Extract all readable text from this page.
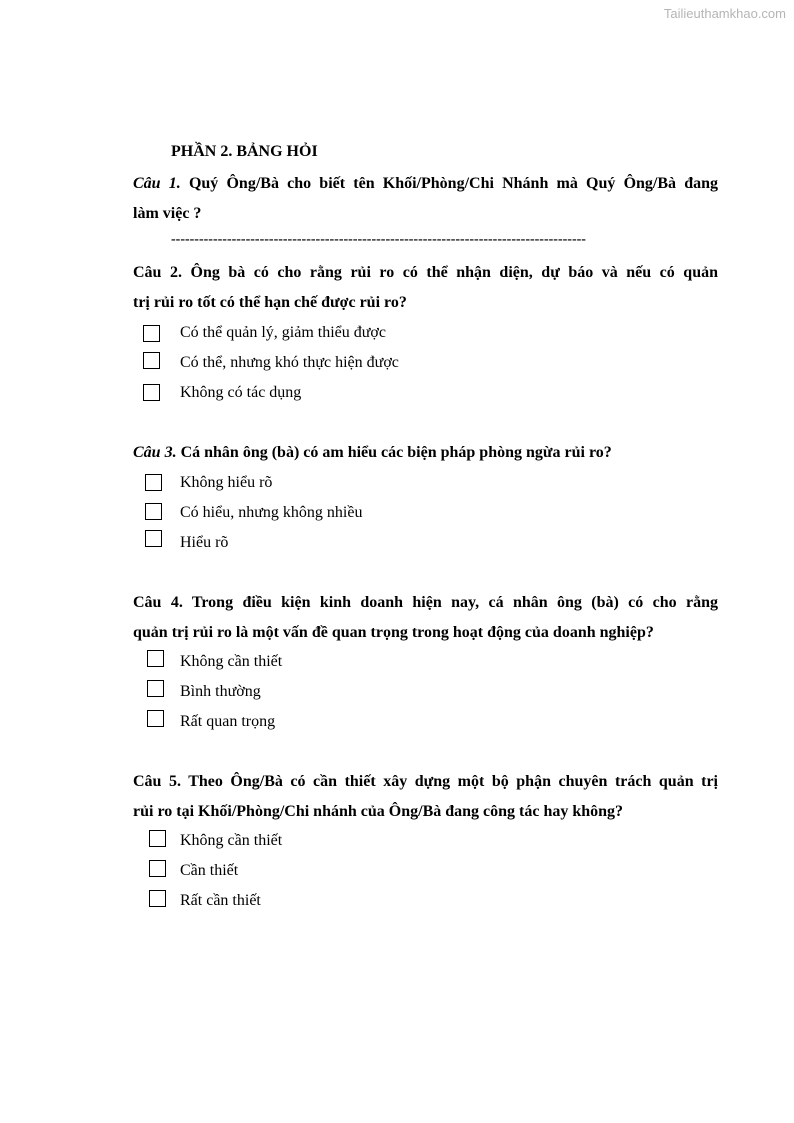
Tailieuthamkhao.com
PHẦN 2. BẢNG HỎI
Câu 1. Quý Ông/Bà cho biết tên Khối/Phòng/Chi Nhánh mà Quý Ông/Bà đang
làm việc ?
-----------------------------------------------------------------------------------------
Câu 2. Ông bà có cho rằng rủi ro có thể nhận diện, dự báo và nếu có quản
trị rủi ro tốt có thể hạn chế được rủi ro?
Có thể quản lý, giảm thiểu được
Có thể, nhưng khó thực hiện được
Không có tác dụng
Câu 3. Cá nhân ông (bà) có am hiểu các biện pháp phòng ngừa rủi ro?
Không hiểu rõ
Có hiểu, nhưng không nhiều
Hiểu rõ
Câu 4. Trong điều kiện kinh doanh hiện nay, cá nhân ông (bà) có cho rằng
quản trị rủi ro là một vấn đề quan trọng trong hoạt động của doanh nghiệp?
Không cần thiết
Bình thường
Rất quan trọng
Câu 5. Theo Ông/Bà có cần thiết xây dựng một bộ phận chuyên trách quản trị
rủi ro tại Khối/Phòng/Chi nhánh của Ông/Bà đang công tác hay không?
Không cần thiết
Cần thiết
Rất cần thiết
